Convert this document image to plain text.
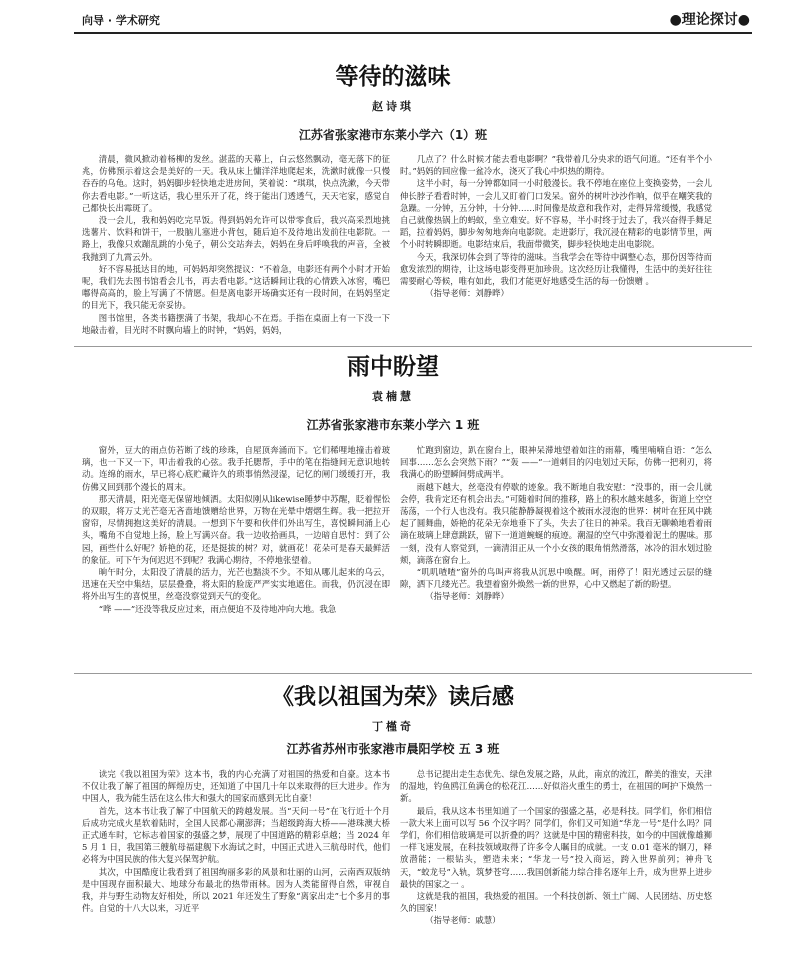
向导 · 学术研究	●理论探讨●
等待的滋味
赵诗琪
江苏省张家港市东莱小学六（1）班

清晨，微风掀动着杨柳的发丝。湛蓝的天幕上，白云悠然飘动，毫无落下的征兆，仿佛预示着这会是美好的一天。我从床上慵洋洋地爬起来，洗漱时就像一只慢吞吞的乌龟。这时，妈妈脚步轻快地走进房间，笑着说：“琪琪，快点洗漱，今天带你去看电影。”一听这话，我心里乐开了花，终于能出门透透气，天天宅家，感觉自己都快长出霉斑了。

没一会儿，我和妈妈吃完早饭。得到妈妈允许可以带零食后，我兴高采烈地挑选薯片、饮料和饼干，一股脑儿塞进小背包，随后迫不及待地出发前往电影院。一路上，我像只欢蹦乱跳的小兔子，朝公交站奔去，妈妈在身后呼唤我的声音，全被我抛到了九霄云外。

好不容易抵达目的地，可妈妈却突然提议：“不着急，电影还有两个小时才开始呢，我们先去图书馆看会儿书，再去看电影。”这话瞬间让我的心情跌入冰窖，嘴巴嘟得高高的，脸上写满了不情愿。但是离电影开场确实还有一段时间，在妈妈坚定的目光下，我只能无奈妥协。

图书馆里，各类书籍摆满了书架，我却心不在焉。手指在桌面上有一下没一下地敲击着，目光时不时飘向墙上的时钟，“妈妈，妈妈，

几点了？什么时候才能去看电影啊？”我带着几分央求的语气问道。“还有半个小时。”妈妈的回应像一盆冷水，浇灭了我心中炽热的期待。

这半小时，每一分钟都如同一小时般漫长。我不停地在座位上变换姿势，一会儿伸长脖子看看时钟，一会儿又盯着门口发呆。窗外的树叶沙沙作响，似乎在嘲笑我的急躁。一分钟，五分钟，十分钟……时间像是故意和我作对，走得异常缓慢，我感觉自己就像热锅上的蚂蚁，坐立难安。好不容易，半小时终于过去了，我兴奋得手舞足蹈，拉着妈妈，脚步匆匆地奔向电影院。走进影厅，我沉浸在精彩的电影情节里，两个小时转瞬即逝。电影结束后，我面带微笑，脚步轻快地走出电影院。

今天，我深切体会到了等待的滋味。当我学会在等待中调整心态，那份因等待而愈发浓烈的期待，让这场电影变得更加珍贵。这次经历让我懂得，生活中的美好往往需要耐心等候，唯有如此，我们才能更好地感受生活的每一份馈赠 。

（指导老师：刘静晔）

雨中盼望
袁楠慧
江苏省张家港市东莱小学六 1 班

窗外，豆大的雨点仿若断了线的珍珠，自屋顶奔涌而下。它们稀哩地撞击着玻璃，也一下又一下，叩击着我的心弦。我手托腮帮，手中的笔在指缝间无意识地转动。连绵的雨水，早已将心底贮藏许久的琐事悄然浸湿，记忆的闸门缓缓打开，我仿佛又回到那个漫长的周末。

那天清晨，阳光毫无保留地倾洒。太阳似刚从likewise睡梦中苏醒，眨着惺忪的双眼，将万丈光芒毫无吝啬地馈赠给世界，万物在光晕中熠熠生辉。我一把拉开窗帘，尽情拥抱这美好的清晨。一想到下午要和伙伴们外出写生，喜悦瞬间涌上心头，嘴角不自觉地上扬，脸上写满兴奋。我一边收拾画具，一边暗自思忖：到了公园，画些什么好呢？娇艳的花，还是挺拔的树？对，就画花！花朵可是春天最鲜活的象征。可下午为何迟迟不到呢？我满心期待，不停地张望着。

晌午时分，太阳没了清晨的活力，光芒也黯淡不少。不知从哪儿起来的乌云，迅速在天空中集结，层层叠叠，将太阳的脸庞严严实实地遮住。而我，仍沉浸在即将外出写生的喜悦里，丝毫没察觉到天气的变化。

“哗 ——”还没等我反应过来，雨点便迫不及待地冲向大地。我急

忙跑到窗边，趴在窗台上，眼神呆滞地望着如注的雨幕，嘴里喃喃自语：“怎么回事……怎么会突然下雨？”“轰 ——”一道刺目的闪电划过天际，仿佛一把利刃，将我满心的盼望瞬间劈成两半。

雨越下越大，丝毫没有停歇的迹象。我不断地自我安慰：“没事的，雨一会儿就会停，我肯定还有机会出去。”可随着时间的推移，路上的积水越来越多，街道上空空荡荡，一个行人也没有。我只能静静凝视着这个被雨水浸泡的世界：树叶在狂风中跳起了圆舞曲，娇艳的花朵无奈地垂下了头，失去了往日的神采。我百无聊赖地看着雨滴在玻璃上肆意跳跃，留下一道道蜿蜒的痕迹。潮湿的空气中弥漫着泥土的腥味。那一刻，没有人察觉到，一滴清泪正从一个小女孩的眼角悄然滑落，冰冷的泪水划过脸颊，滴落在窗台上。

“叽叽喳喳”窗外的鸟叫声将我从沉思中唤醒。呵，雨停了！阳光透过云层的缝隙，洒下几缕光芒。我望着窗外焕然一新的世界，心中又燃起了新的盼望。

（指导老师：刘静晔）

《我以祖国为荣》读后感
丁槿奇
江苏省苏州市张家港市晨阳学校 五 3 班

读完《我以祖国为荣》这本书，我的内心充满了对祖国的热爱和自豪。这本书不仅让我了解了祖国的辉煌历史，还知道了中国几十年以来取得的巨大进步。作为中国人，我为能生活在这么伟大和强大的国家而感到无比自豪！

首先，这本书让我了解了中国航天的跨越发展。当“天问一号”在飞行近十个月后成功完成火星软着陆时，全国人民都心潮澎湃；当超级跨海大桥——港珠澳大桥正式通车时，它标志着国家的强盛之梦，展现了中国道路的精彩卓越；当 2024 年 5 月 1 日，我国第三艘航母福建舰下水海试之时，中国正式进入三航母时代，他们必将为中国民族的伟大复兴保驾护航。

其次，中国酷度让我看到了祖国绚丽多彩的风景和壮丽的山河，云南西双版纳是中国现存面积最大、地球分布最北的热带雨林。因为人类能留得自然，审视自我，并与野生动物友好相处，所以 2021 年还发生了野象“离家出走”七个多月的事件。自觉的十八大以来，习近平

总书记提出走生态优先、绿色发展之路，从此，南京的流江，醉美的淮安，天津的湿地，钓鱼鸥江鱼满仓的松花江……好似浴火重生的勇士，在祖国的呵护下焕然一新。

最后，我从这本书里知道了一个国家的强盛之基，必是科技。同学们，你们相信一款大米上面可以写 56 个汉字吗？同学们，你们又可知道“华龙一号”是什么吗？同学们，你们相信玻璃是可以折叠的吗？这就是中国的精密科技，如今的中国就像雄狮一样飞速发展，在科技领域取得了许多令人瞩目的成就。一支 0.01 毫米的钢刀，释放潜能；一根钻头，塑造未来；“华龙一号”投入商运，跨入世界前列；神舟飞天，“蛟龙号”入轨，筑梦苍穹……我国创新能力综合排名逐年上升，成为世界上进步最快的国家之一 。

这就是我的祖国，我热爱的祖国。一个科技创新、领土广阔、人民团结、历史悠久的国家！

（指导老师：戚慧）
